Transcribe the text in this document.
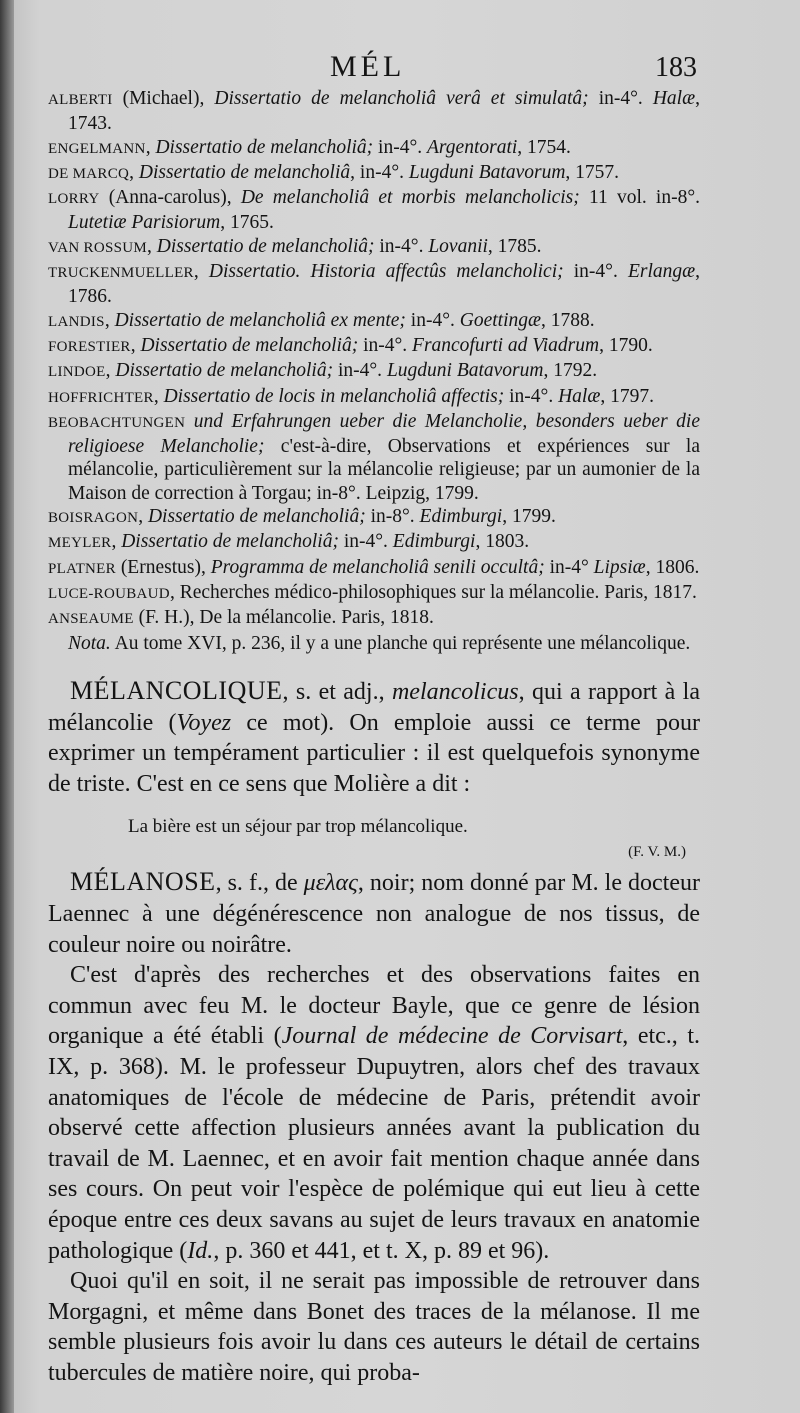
MÉL	183
ALBERTI (Michael), Dissertatio de melancholiâ verâ et simulatâ; in-4°. Halæ, 1743.
ENGELMANN, Dissertatio de melancholiâ; in-4°. Argentorati, 1754.
DE MARCQ, Dissertatio de melancholiâ, in-4°. Lugduni Batavorum, 1757.
LORRY (Anna-carolus), De melancholiâ et morbis melancholicis; 11 vol. in-8°. Lutetiæ Parisiorum, 1765.
VAN ROSSUM, Dissertatio de melancholiâ; in-4°. Lovanii, 1785.
TRUCKENMUELLER, Dissertatio. Historia affectûs melancholici; in-4°. Erlangæ, 1786.
LANDIS, Dissertatio de melancholiâ ex mente; in-4°. Goettingæ, 1788.
FORESTIER, Dissertatio de melancholiâ; in-4°. Francofurti ad Viadrum, 1790.
LINDOE, Dissertatio de melancholiâ; in-4°. Lugduni Batavorum, 1792.
HOFFRICHTER, Dissertatio de locis in melancholiâ affectis; in-4°. Halæ, 1797.
BEOBACHTUNGEN und Erfahrungen ueber die Melancholie, besonders ueber die religioese Melancholie; c'est-à-dire, Observations et expériences sur la mélancolie, particulièrement sur la mélancolie religieuse; par un aumonier de la Maison de correction à Torgau; in-8°. Leipzig, 1799.
BOISRAGON, Dissertatio de melancholiâ; in-8°. Edimburgi, 1799.
MEYLER, Dissertatio de melancholiâ; in-4°. Edimburgi, 1803.
PLATNER (Ernestus), Programma de melancholiâ senili occultâ; in-4° Lipsiæ, 1806.
LUCE-ROUBAUD, Recherches médico-philosophiques sur la mélancolie. Paris, 1817.
ANSEAUME (F. H.), De la mélancolie. Paris, 1818.
Nota. Au tome XVI, p. 236, il y a une planche qui représente une mélancolique.

MÉLANCOLIQUE, s. et adj., melancolicus, qui a rapport à la mélancolie (Voyez ce mot). On emploie aussi ce terme pour exprimer un tempérament particulier : il est quelquefois synonyme de triste. C'est en ce sens que Molière a dit :

La bière est un séjour par trop mélancolique.
(F. V. M.)

MÉLANOSE, s. f., de μελας, noir; nom donné par M. le docteur Laennec à une dégénérescence non analogue de nos tissus, de couleur noire ou noirâtre.

C'est d'après des recherches et des observations faites en commun avec feu M. le docteur Bayle, que ce genre de lésion organique a été établi (Journal de médecine de Corvisart, etc., t. IX, p. 368). M. le professeur Dupuytren, alors chef des travaux anatomiques de l'école de médecine de Paris, prétendit avoir observé cette affection plusieurs années avant la publication du travail de M. Laennec, et en avoir fait mention chaque année dans ses cours. On peut voir l'espèce de polémique qui eut lieu à cette époque entre ces deux savans au sujet de leurs travaux en anatomie pathologique (Id., p. 360 et 441, et t. X, p. 89 et 96).

Quoi qu'il en soit, il ne serait pas impossible de retrouver dans Morgagni, et même dans Bonet des traces de la mélanose. Il me semble plusieurs fois avoir lu dans ces auteurs le détail de certains tubercules de matière noire, qui proba-
